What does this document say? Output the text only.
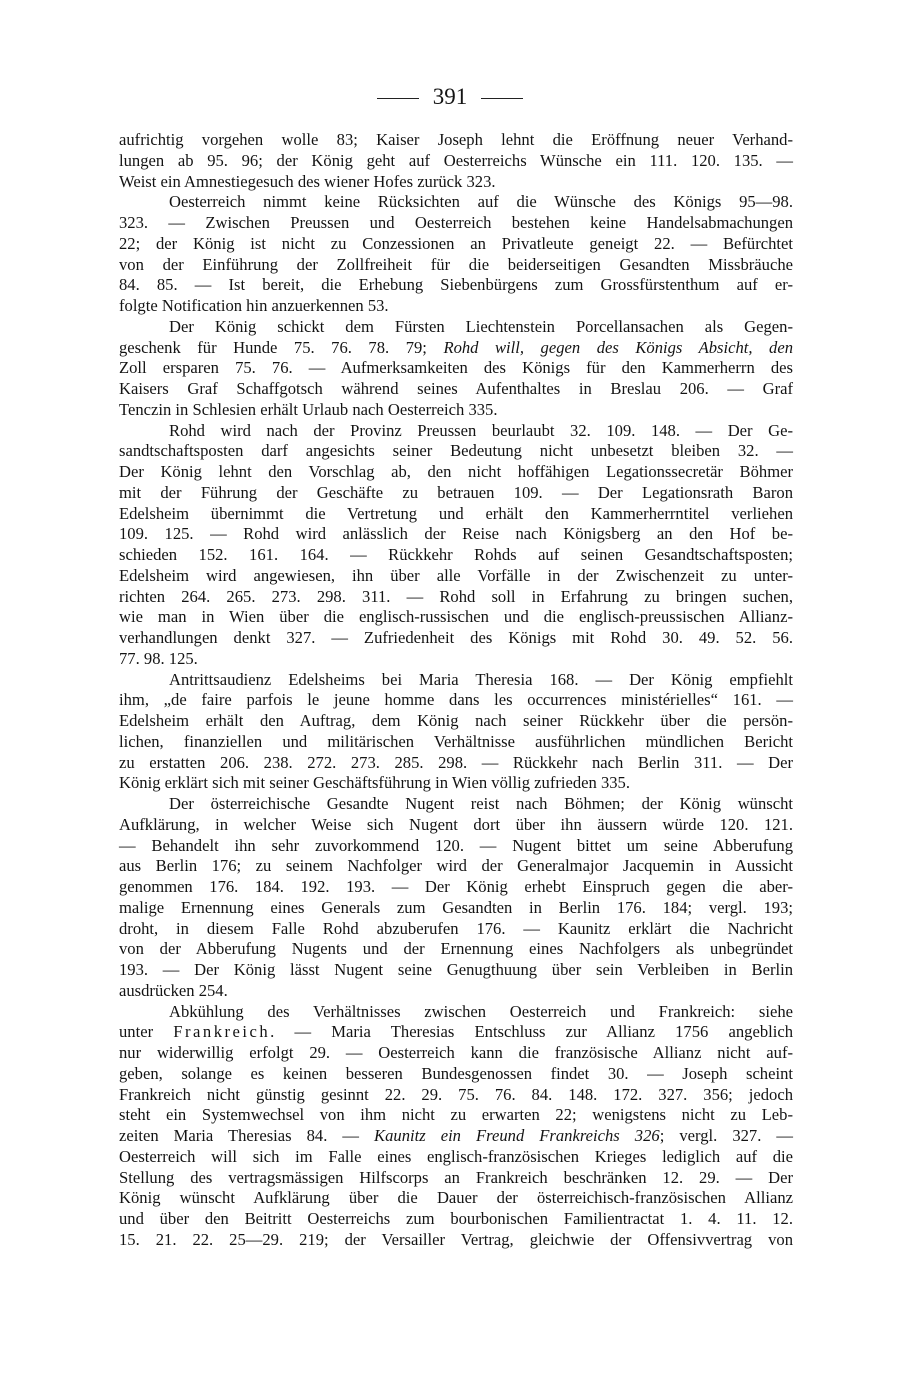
391
aufrichtig vorgehen wolle 83; Kaiser Joseph lehnt die Eröffnung neuer Verhand-
lungen ab 95. 96; der König geht auf Oesterreichs Wünsche ein 111. 120. 135. —
Weist ein Amnestiegesuch des wiener Hofes zurück 323.
Oesterreich nimmt keine Rücksichten auf die Wünsche des Königs 95—98.
323. — Zwischen Preussen und Oesterreich bestehen keine Handelsabmachungen
22; der König ist nicht zu Conzessionen an Privatleute geneigt 22. — Befürchtet
von der Einführung der Zollfreiheit für die beiderseitigen Gesandten Missbräuche
84. 85. — Ist bereit, die Erhebung Siebenbürgens zum Grossfürstenthum auf er-
folgte Notification hin anzuerkennen 53.
Der König schickt dem Fürsten Liechtenstein Porcellansachen als Gegen-
geschenk für Hunde 75. 76. 78. 79; Rohd will, gegen des Königs Absicht, den
Zoll ersparen 75. 76. — Aufmerksamkeiten des Königs für den Kammerherrn des
Kaisers Graf Schaffgotsch während seines Aufenthaltes in Breslau 206. — Graf
Tenczin in Schlesien erhält Urlaub nach Oesterreich 335.
Rohd wird nach der Provinz Preussen beurlaubt 32. 109. 148. — Der Ge-
sandtschaftsposten darf angesichts seiner Bedeutung nicht unbesetzt bleiben 32. —
Der König lehnt den Vorschlag ab, den nicht hoffähigen Legationssecretär Böhmer
mit der Führung der Geschäfte zu betrauen 109. — Der Legationsrath Baron
Edelsheim übernimmt die Vertretung und erhält den Kammerherrntitel verliehen
109. 125. — Rohd wird anlässlich der Reise nach Königsberg an den Hof be-
schieden 152. 161. 164. — Rückkehr Rohds auf seinen Gesandtschaftsposten;
Edelsheim wird angewiesen, ihn über alle Vorfälle in der Zwischenzeit zu unter-
richten 264. 265. 273. 298. 311. — Rohd soll in Erfahrung zu bringen suchen,
wie man in Wien über die englisch-russischen und die englisch-preussischen Allianz-
verhandlungen denkt 327. — Zufriedenheit des Königs mit Rohd 30. 49. 52. 56.
77. 98. 125.
Antrittsaudienz Edelsheims bei Maria Theresia 168. — Der König empfiehlt
ihm, „de faire parfois le jeune homme dans les occurrences ministérielles“ 161. —
Edelsheim erhält den Auftrag, dem König nach seiner Rückkehr über die persön-
lichen, finanziellen und militärischen Verhältnisse ausführlichen mündlichen Bericht
zu erstatten 206. 238. 272. 273. 285. 298. — Rückkehr nach Berlin 311. — Der
König erklärt sich mit seiner Geschäftsführung in Wien völlig zufrieden 335.
Der österreichische Gesandte Nugent reist nach Böhmen; der König wünscht
Aufklärung, in welcher Weise sich Nugent dort über ihn äussern würde 120. 121.
— Behandelt ihn sehr zuvorkommend 120. — Nugent bittet um seine Abberufung
aus Berlin 176; zu seinem Nachfolger wird der Generalmajor Jacquemin in Aussicht
genommen 176. 184. 192. 193. — Der König erhebt Einspruch gegen die aber-
malige Ernennung eines Generals zum Gesandten in Berlin 176. 184; vergl. 193;
droht, in diesem Falle Rohd abzuberufen 176. — Kaunitz erklärt die Nachricht
von der Abberufung Nugents und der Ernennung eines Nachfolgers als unbegründet
193. — Der König lässt Nugent seine Genugthuung über sein Verbleiben in Berlin
ausdrücken 254.
Abkühlung des Verhältnisses zwischen Oesterreich und Frankreich: siehe
unter Frankreich. — Maria Theresias Entschluss zur Allianz 1756 angeblich
nur widerwillig erfolgt 29. — Oesterreich kann die französische Allianz nicht auf-
geben, solange es keinen besseren Bundesgenossen findet 30. — Joseph scheint
Frankreich nicht günstig gesinnt 22. 29. 75. 76. 84. 148. 172. 327. 356; jedoch
steht ein Systemwechsel von ihm nicht zu erwarten 22; wenigstens nicht zu Leb-
zeiten Maria Theresias 84. — Kaunitz ein Freund Frankreichs 326; vergl. 327. —
Oesterreich will sich im Falle eines englisch-französischen Krieges lediglich auf die
Stellung des vertragsmässigen Hilfscorps an Frankreich beschränken 12. 29. — Der
König wünscht Aufklärung über die Dauer der österreichisch-französischen Allianz
und über den Beitritt Oesterreichs zum bourbonischen Familientractat 1. 4. 11. 12.
15. 21. 22. 25—29. 219; der Versailler Vertrag, gleichwie der Offensivvertrag von
